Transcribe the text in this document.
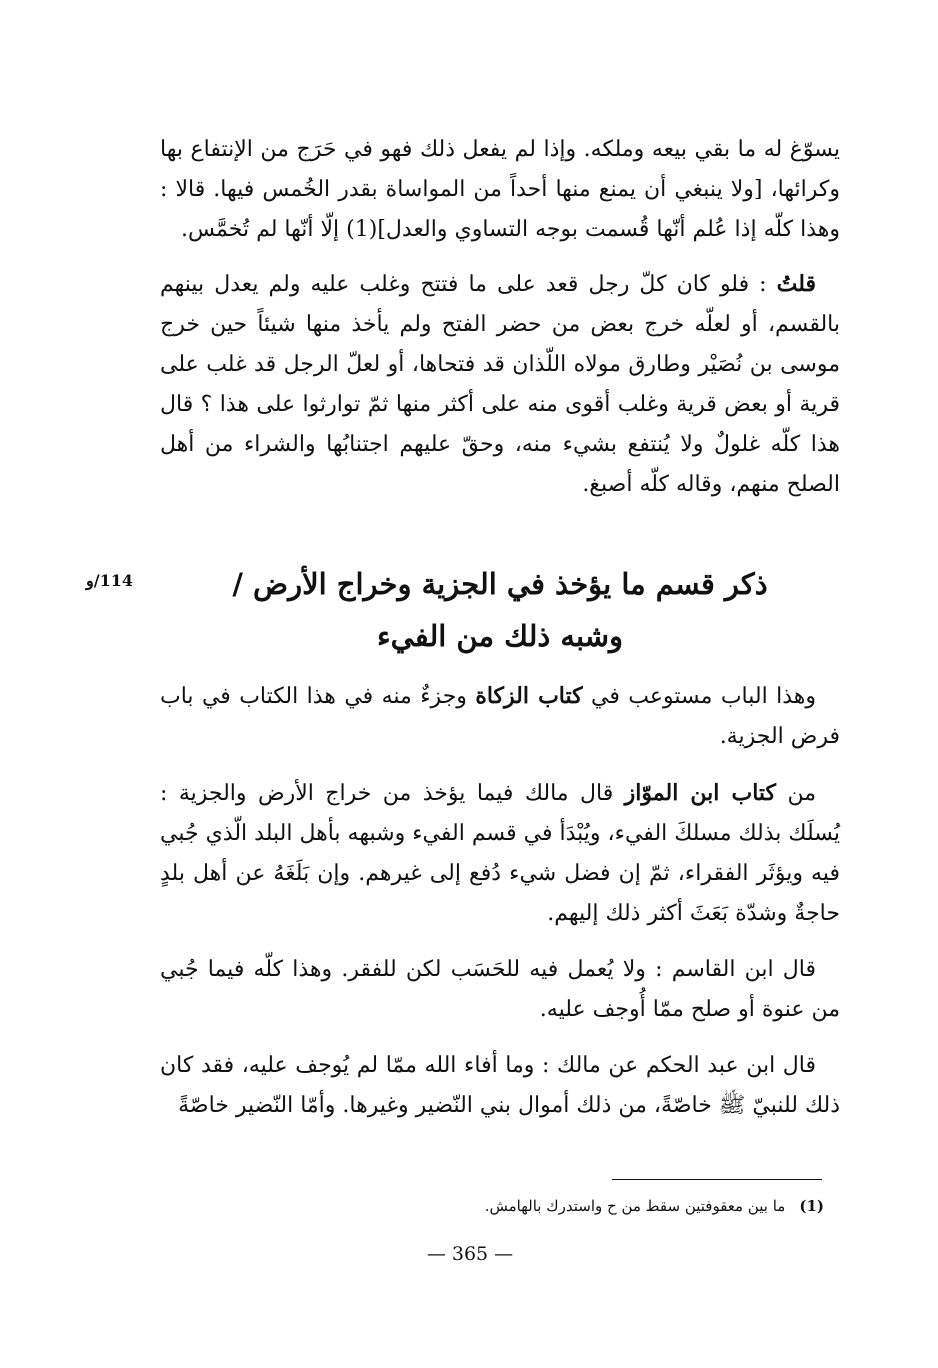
يسوّغ له ما بقي بيعه وملكه. وإذا لم يفعل ذلك فهو في حَرَج من الإنتفاع بها وكرائها، [ولا ينبغي أن يمنع منها أحداً من المواساة بقدر الخُمس فيها. قالا : وهذا كلّه إذا عُلم أنّها قُسمت بوجه التساوي والعدل](1) إلّا أنّها لم تُخمَّس.

قلتُ : فلو كان كلّ رجل قعد على ما فتتح وغلب عليه ولم يعدل بينهم بالقسم، أو لعلّه خرج بعض من حضر الفتح ولم يأخذ منها شيئاً حين خرج موسى بن نُصَيْر وطارق مولاه اللّذان قد فتحاها، أو لعلّ الرجل قد غلب على قرية أو بعض قرية وغلب أقوى منه على أكثر منها ثمّ توارثوا على هذا ؟ قال هذا كلّه غلولٌ ولا يُنتفع بشيء منه، وحقّ عليهم اجتنابُها والشراء من أهل الصلح منهم، وقاله كلّه أصبغ.

114/و	ذكر قسم ما يؤخذ في الجزية وخراج الأرض /
وشبه ذلك من الفيء

وهذا الباب مستوعب في كتاب الزكاة وجزءٌ منه في هذا الكتاب في باب فرض الجزية.

من كتاب ابن الموّاز قال مالك فيما يؤخذ من خراج الأرض والجزية : يُسلَك بذلك مسلكَ الفيء، ويُبْدَأ في قسم الفيء وشبهه بأهل البلد الّذي جُبي فيه ويؤثَر الفقراء، ثمّ إن فضل شيء دُفع إلى غيرهم. وإن بَلَغَهُ عن أهل بلدٍ حاجةٌ وشدّة بَعَثَ أكثر ذلك إليهم.

قال ابن القاسم : ولا يُعمل فيه للحَسَب لكن للفقر. وهذا كلّه فيما جُبي من عنوة أو صلح ممّا أُوجف عليه.

قال ابن عبد الحكم عن مالك : وما أفاء الله ممّا لم يُوجف عليه، فقد كان ذلك للنبيّ ﷺ خاصّةً، من ذلك أموال بني النّضير وغيرها. وأمّا النّضير خاصّةً

(1)ما بين معقوفتين سقط من ح واستدرك بالهامش.
— 365 —
